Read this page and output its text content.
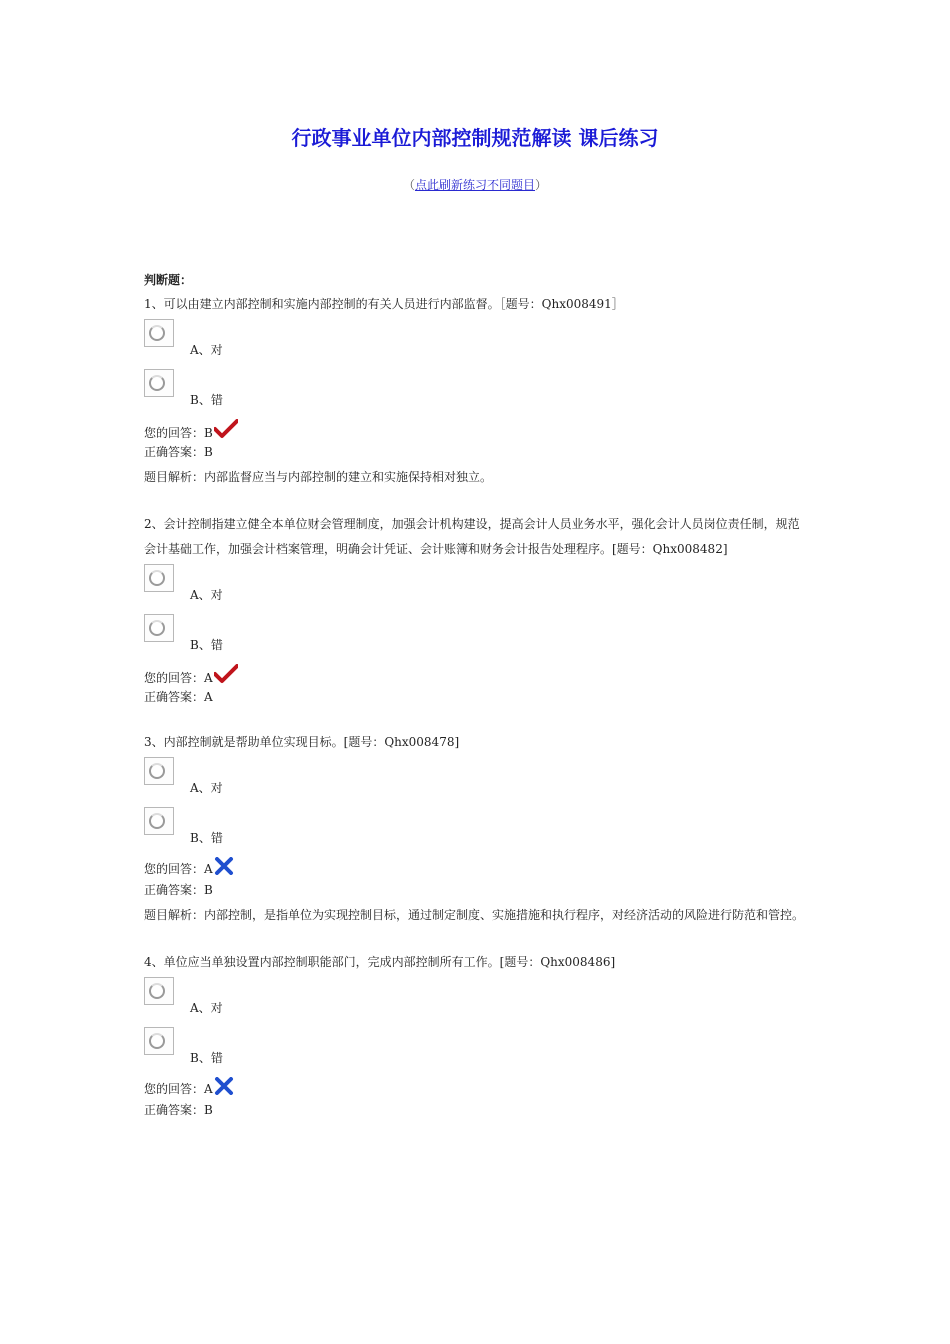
行政事业单位内部控制规范解读 课后练习
（点此刷新练习不同题目）
判断题：
1、可以由建立内部控制和实施内部控制的有关人员进行内部监督。［题号：Qhx008491］
A、对
B、错
您的回答：B
正确答案：B
题目解析：内部监督应当与内部控制的建立和实施保持相对独立。
2、会计控制指建立健全本单位财会管理制度，加强会计机构建设，提高会计人员业务水平，强化会计人员岗位责任制，规范会计基础工作，加强会计档案管理，明确会计凭证、会计账簿和财务会计报告处理程序。[题号：Qhx008482]
A、对
B、错
您的回答：A
正确答案：A
3、内部控制就是帮助单位实现目标。[题号：Qhx008478]
A、对
B、错
您的回答：A
正确答案：B
题目解析：内部控制，是指单位为实现控制目标，通过制定制度、实施措施和执行程序，对经济活动的风险进行防范和管控。
4、单位应当单独设置内部控制职能部门，完成内部控制所有工作。[题号：Qhx008486]
A、对
B、错
您的回答：A
正确答案：B
